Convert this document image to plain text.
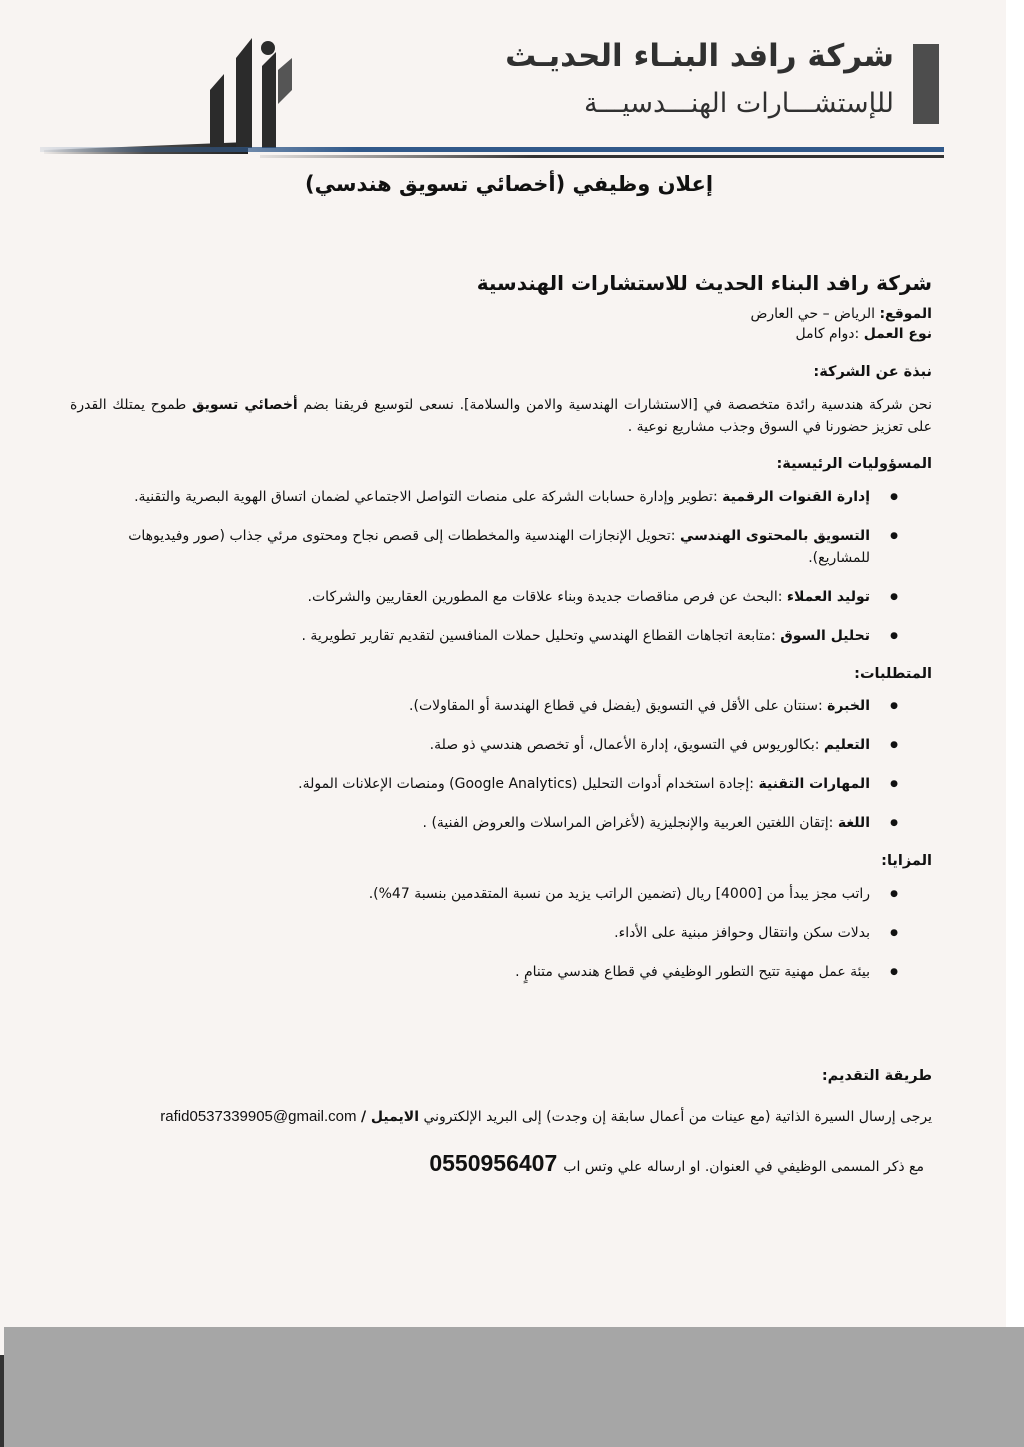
شركة رافد البنـاء الحديـث
للإستشـــارات الهنـــدسيـــة
إعلان وظيفي (أخصائي تسويق هندسي)
شركة رافد البناء الحديث للاستشارات الهندسية

الموقع: الرياض – حي العارض

نوع العمل :دوام كامل

نبذة عن الشركة:

نحن شركة هندسية رائدة متخصصة في [الاستشارات الهندسية والامن والسلامة]. نسعى لتوسيع فريقنا بضم أخصائي تسويق طموح يمتلك القدرة على تعزيز حضورنا في السوق وجذب مشاريع نوعية .

المسؤوليات الرئيسية:
● إدارة القنوات الرقمية :تطوير وإدارة حسابات الشركة على منصات التواصل الاجتماعي لضمان اتساق الهوية البصرية والتقنية.
● التسويق بالمحتوى الهندسي :تحويل الإنجازات الهندسية والمخططات إلى قصص نجاح ومحتوى مرئي جذاب (صور وفيديوهات للمشاريع).
● توليد العملاء :البحث عن فرص مناقصات جديدة وبناء علاقات مع المطورين العقاريين والشركات.
● تحليل السوق :متابعة اتجاهات القطاع الهندسي وتحليل حملات المنافسين لتقديم تقارير تطويرية .
المتطلبات:
● الخبرة :سنتان على الأقل في التسويق (يفضل في قطاع الهندسة أو المقاولات).
● التعليم :بكالوريوس في التسويق، إدارة الأعمال، أو تخصص هندسي ذو صلة.
● المهارات التقنية :إجادة استخدام أدوات التحليل (Google Analytics) ومنصات الإعلانات المولة.
● اللغة :إتقان اللغتين العربية والإنجليزية (لأغراض المراسلات والعروض الفنية) .
المزايا:
● راتب مجز يبدأ من [4000] ريال (تضمين الراتب يزيد من نسبة المتقدمين بنسبة 47%).
● بدلات سكن وانتقال وحوافز مبنية على الأداء.
● بيئة عمل مهنية تتيح التطور الوظيفي في قطاع هندسي متنامٍ .
طريقة التقديم:
يرجى إرسال السيرة الذاتية (مع عينات من أعمال سابقة إن وجدت) إلى البريد الإلكتروني الايميل / rafid0537339905@gmail.com
مع ذكر المسمى الوظيفي في العنوان. او ارساله علي وتس اب0550956407
